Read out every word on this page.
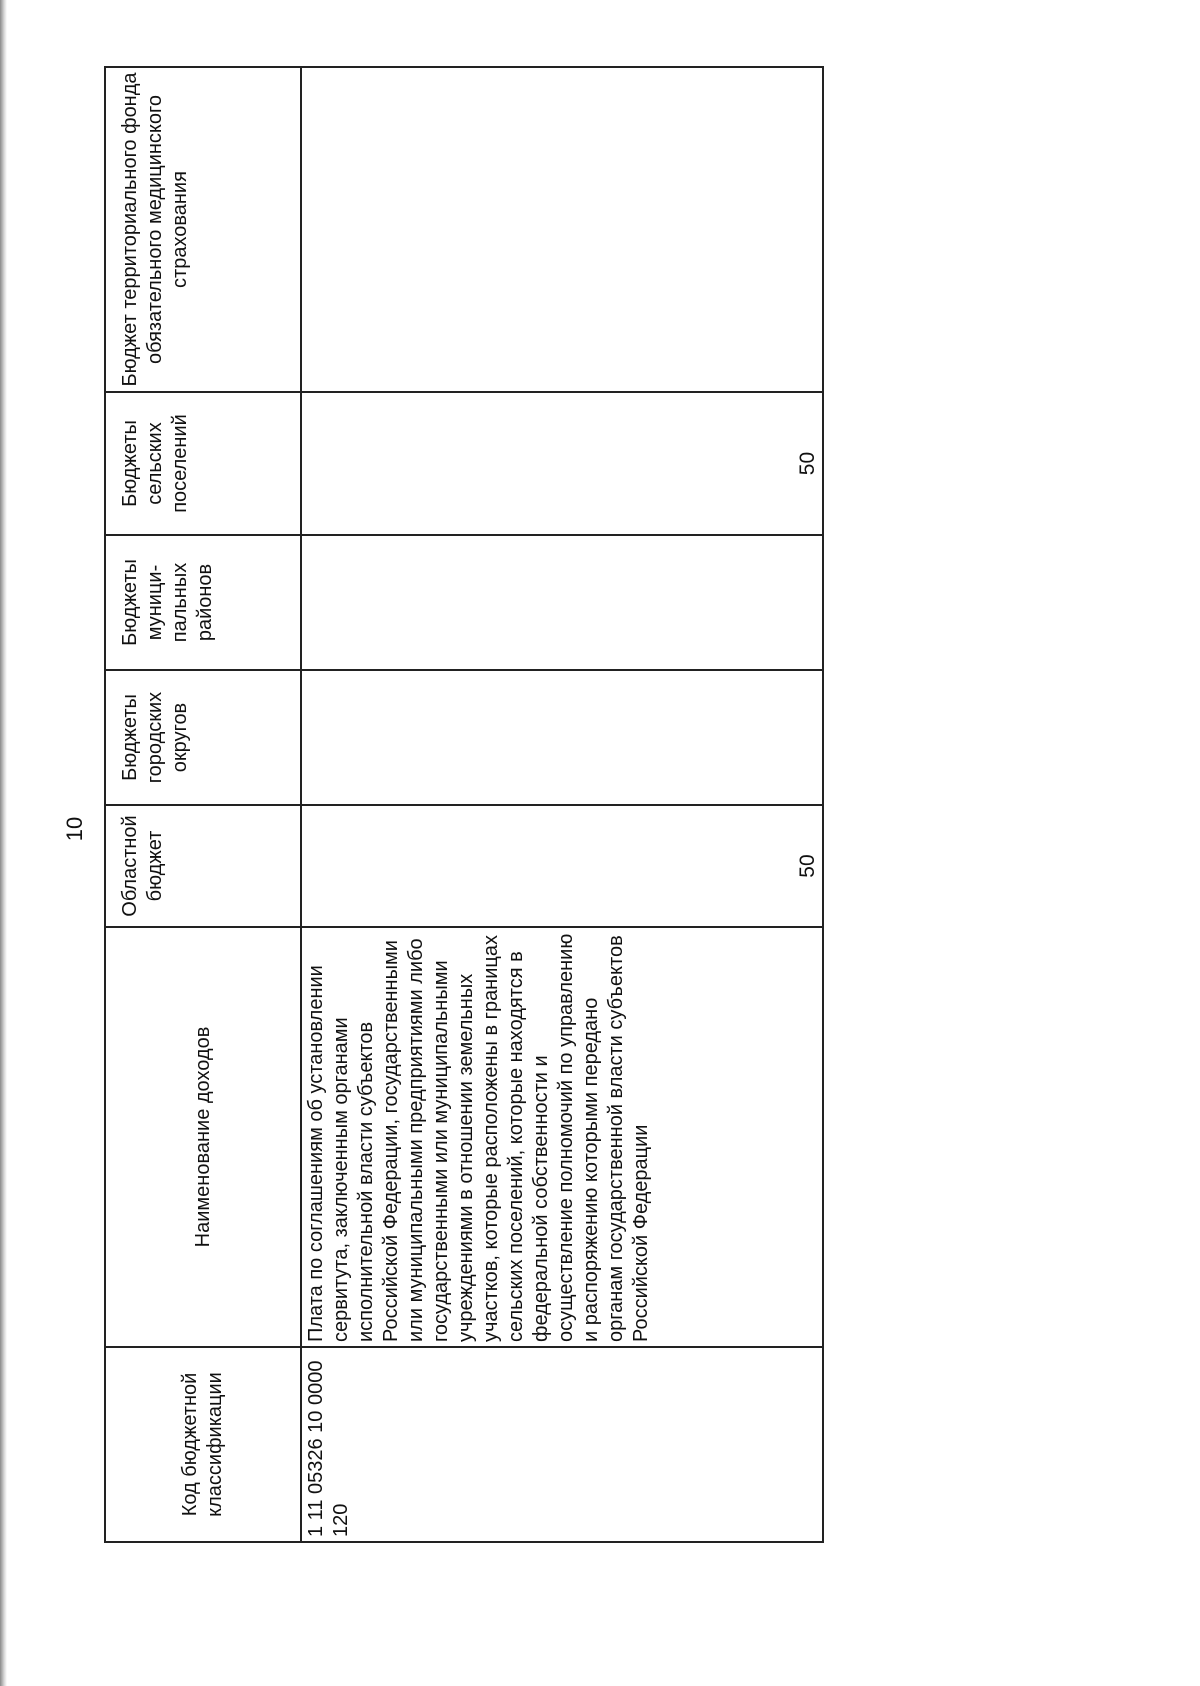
10
Код бюджетной классификации	Наименование доходов	Областной бюджет	Бюджеты городских округов	Бюджеты муници-пальных районов	Бюджеты сельских поселений	Бюджет территориального фонда обязательного медицинского страхования
1 11 05326 10 0000 120	Плата по соглашениям об установлении сервитута, заключенным органами исполнительной власти субъектов Российской Федерации, государственными или муниципальными предприятиями либо государственными или муниципальными учреждениями в отношении земельных участков, которые расположены в границах сельских поселений, которые находятся в федеральной собственности и осуществление полномочий по управлению и распоряжению которыми передано органам государственной власти субъектов Российской Федерации	50			50	
